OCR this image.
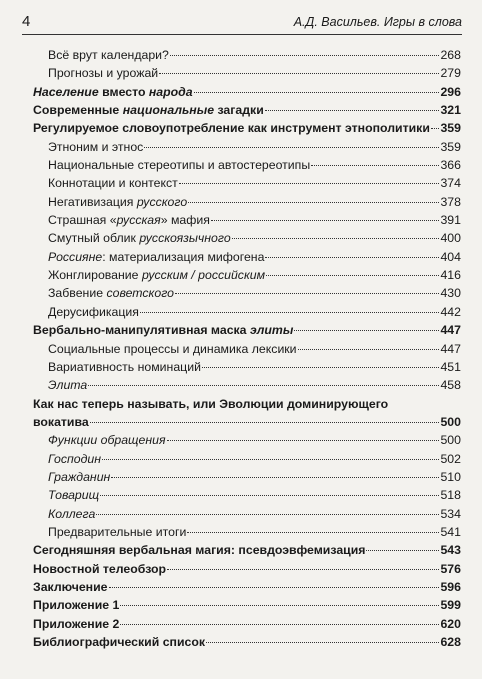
4	А.Д. Васильев. Игры в слова
Всё врут календари?	268
Прогнозы и урожай	279
Население вместо народа	296
Современные национальные загадки	321
Регулируемое словоупотребление как инструмент этнополитики 359
Этноним и этнос	359
Национальные стереотипы и автостереотипы	366
Коннотации и контекст	374
Негативизация русского	378
Страшная «русская» мафия	391
Смутный облик русскоязычного	400
Россияне: материализация мифогена	404
Жонглирование русским / российским	416
Забвение советского	430
Дерусификация	442
Вербально-манипулятивная маска элиты	447
Социальные процессы и динамика лексики	447
Вариативность номинаций	451
Элита	458
Как нас теперь называть, или Эволюции доминирующего
вокатива	500
Функции обращения	500
Господин	502
Гражданин	510
Товарищ	518
Коллега	534
Предварительные итоги	541
Сегодняшняя вербальная магия: псевдоэвфемизация	543
Новостной телеобзор	576
Заключение	596
Приложение 1	599
Приложение 2	620
Библиографический список	628
